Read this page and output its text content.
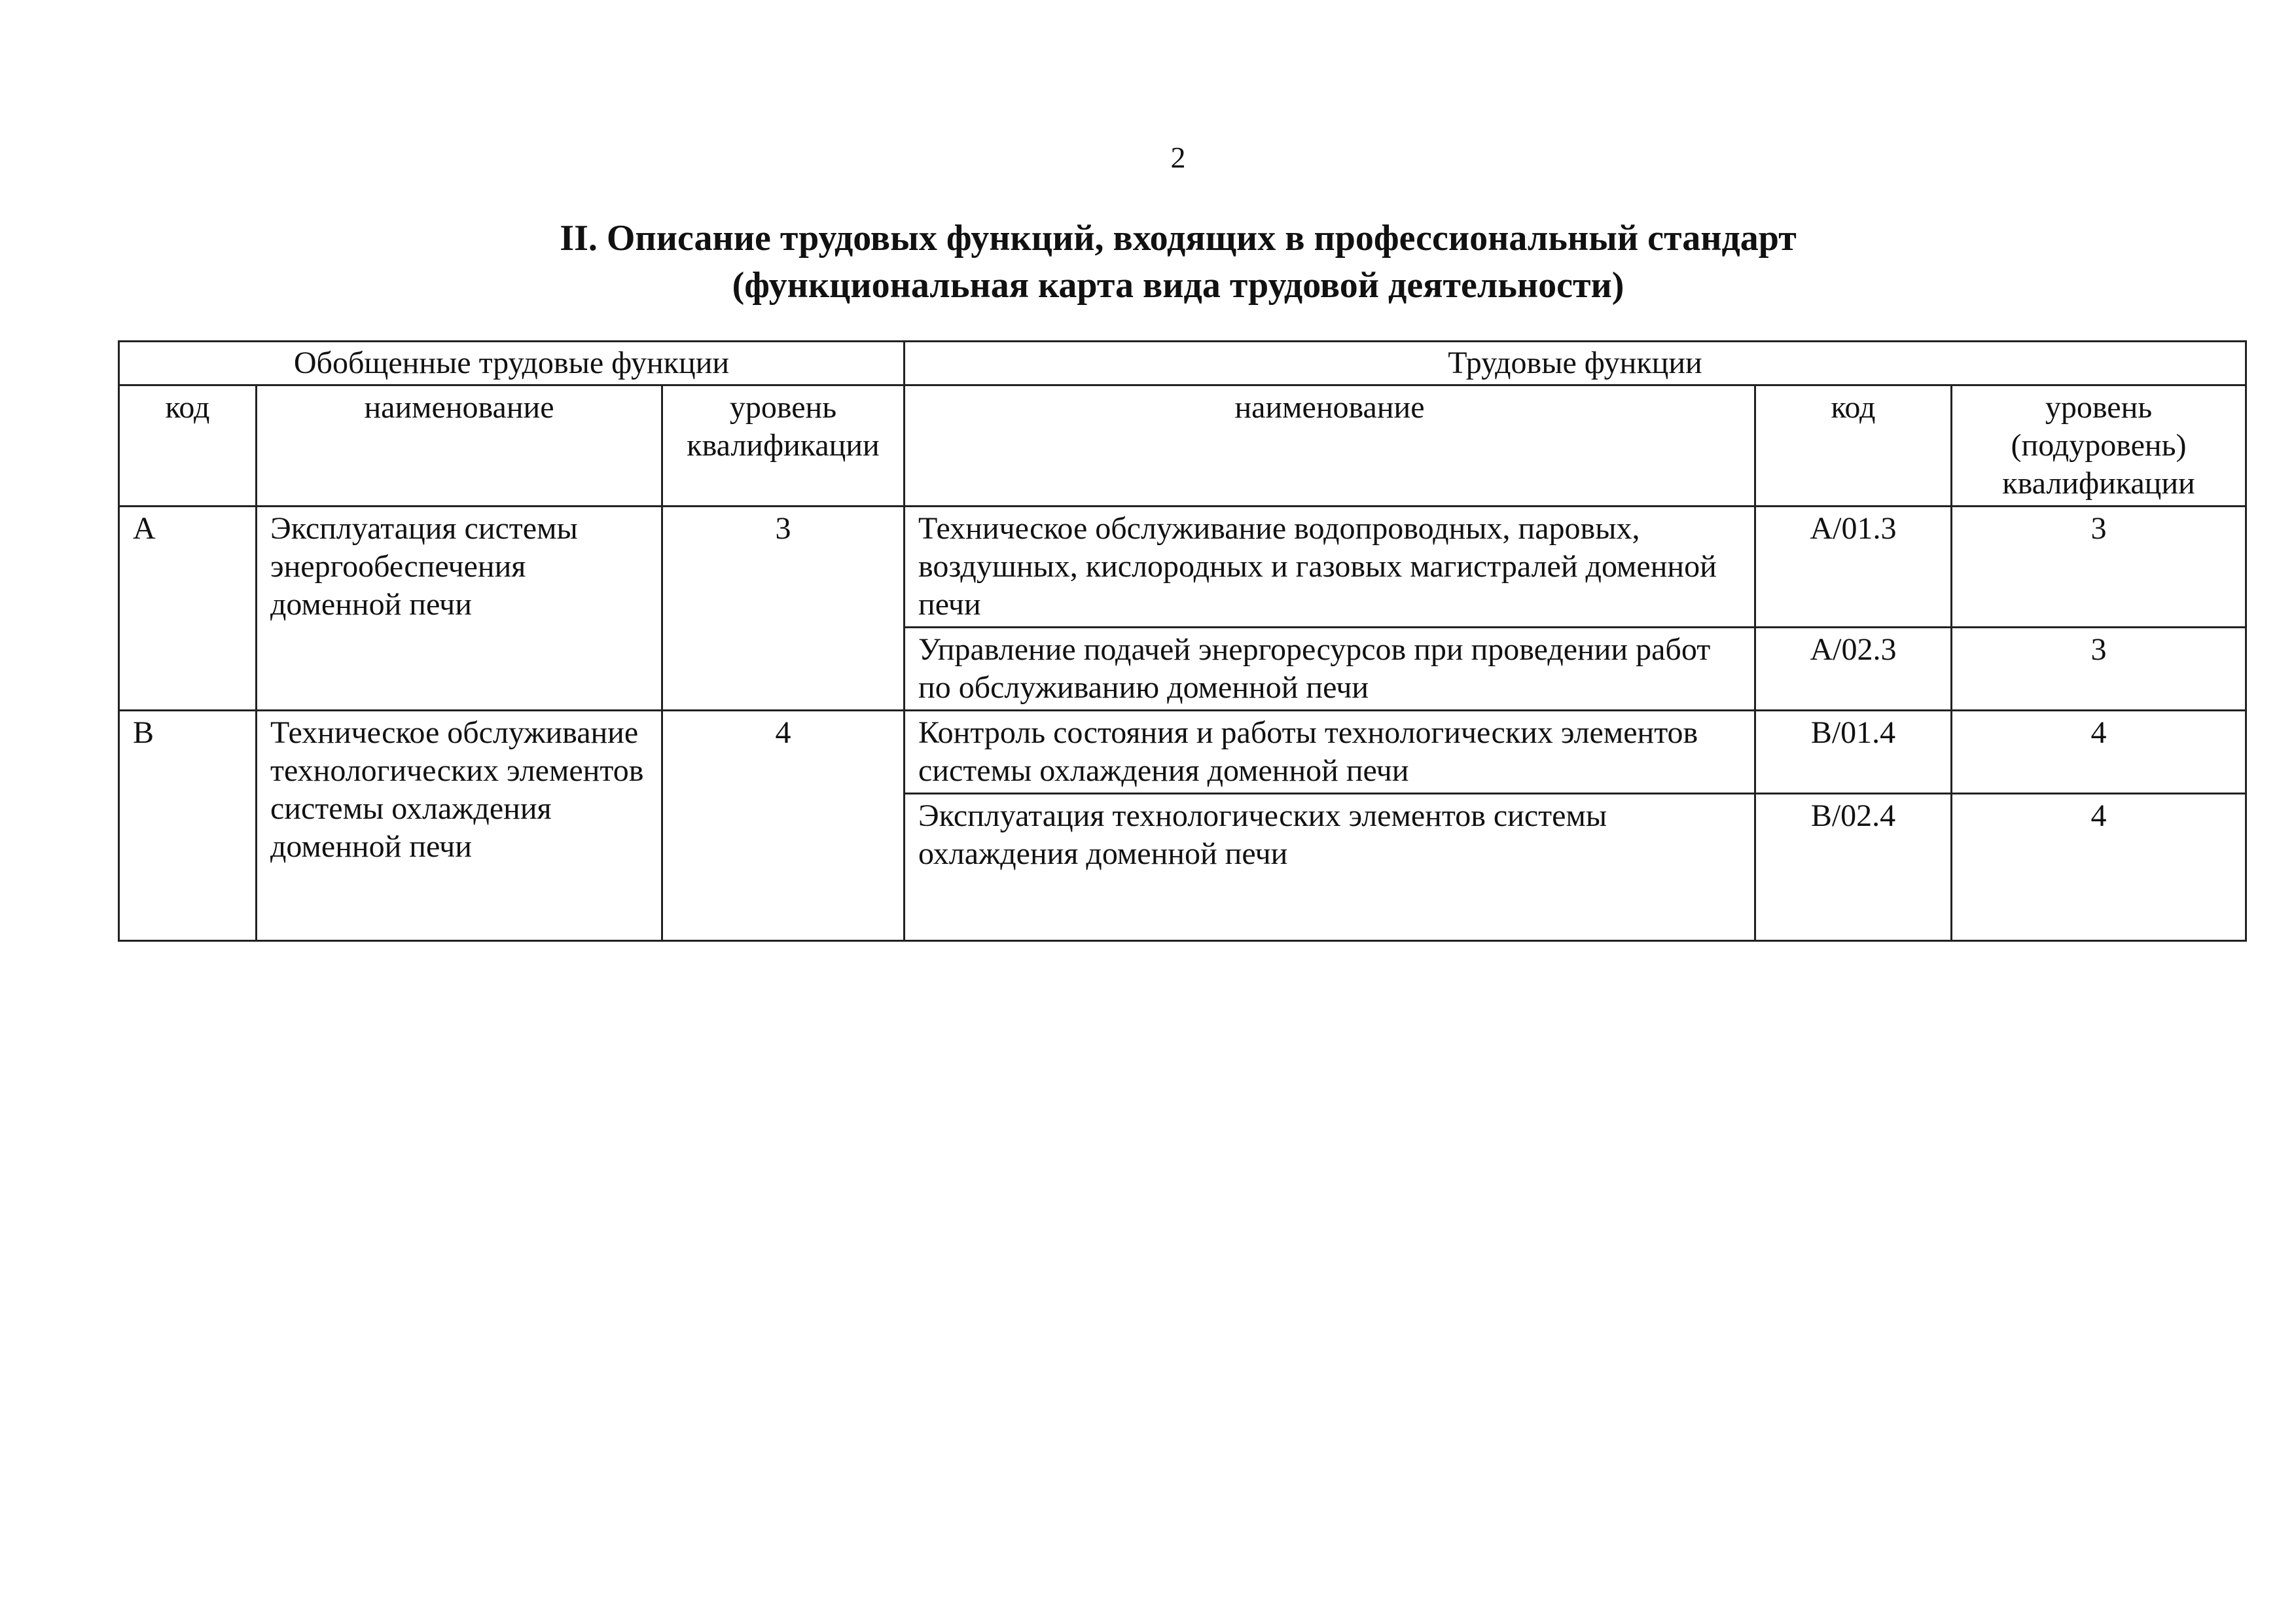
2
II. Описание трудовых функций, входящих в профессиональный стандарт
(функциональная карта вида трудовой деятельности)
Обобщенные трудовые функции			Трудовые функции		
код	наименование	уровень квалификации	наименование	код	уровень (подуровень) квалификации
A	Эксплуатация системы энергообеспечения доменной печи	3	Техническое обслуживание водопроводных, паровых, воздушных, кислородных и газовых магистралей доменной печи	A/01.3	3
			Управление подачей энергоресурсов при проведении работ по обслуживанию доменной печи	A/02.3	3
B	Техническое обслуживание технологических элементов системы охлаждения доменной печи	4	Контроль состояния и работы технологических элементов системы охлаждения доменной печи	B/01.4	4
			Эксплуатация технологических элементов системы охлаждения доменной печи	B/02.4	4
